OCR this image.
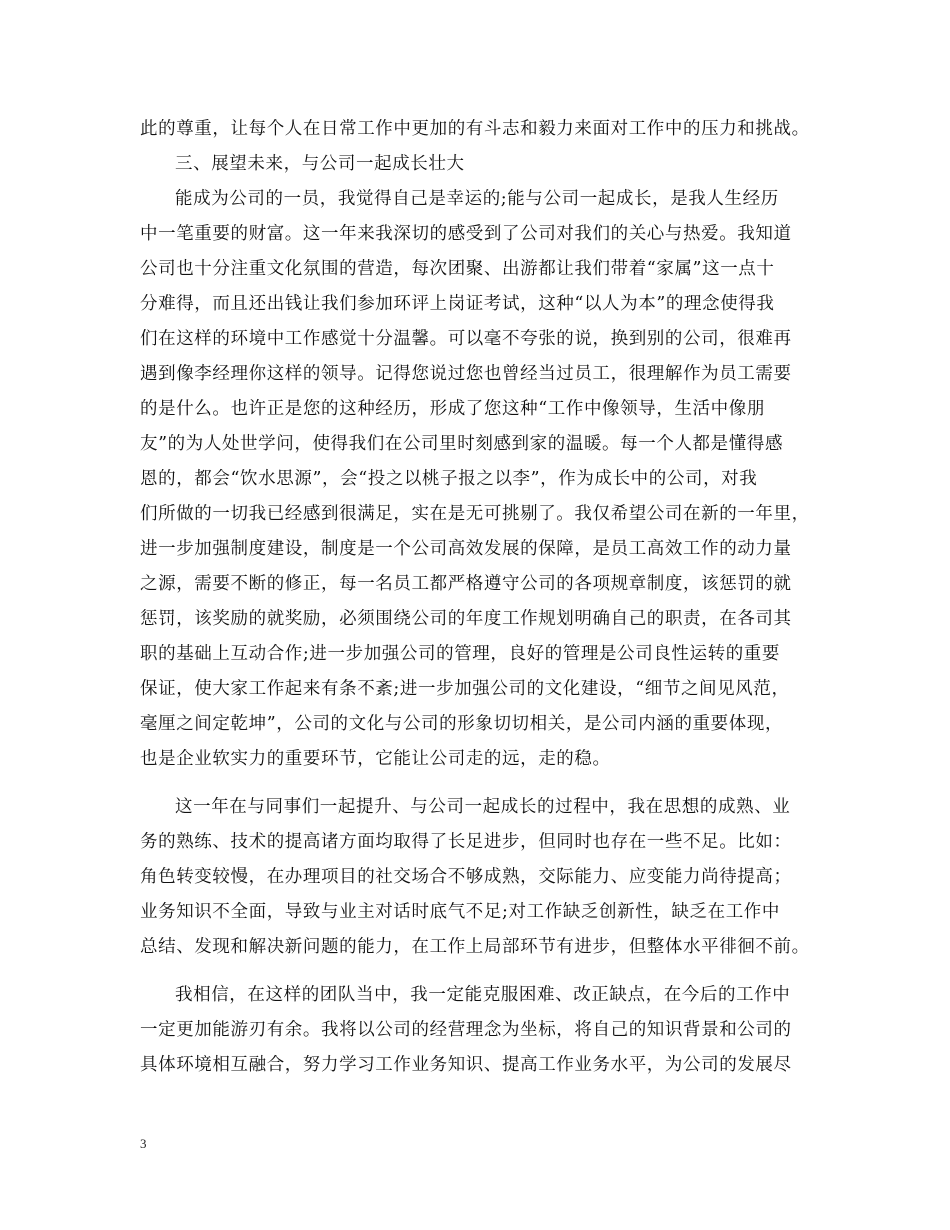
此的尊重，让每个人在日常工作中更加的有斗志和毅力来面对工作中的压力和挑战。
三、展望未来，与公司一起成长壮大
能成为公司的一员，我觉得自己是幸运的;能与公司一起成长，是我人生经历
中一笔重要的财富。这一年来我深切的感受到了公司对我们的关心与热爱。我知道
公司也十分注重文化氛围的营造，每次团聚、出游都让我们带着“家属”这一点十
分难得，而且还出钱让我们参加环评上岗证考试，这种“以人为本”的理念使得我
们在这样的环境中工作感觉十分温馨。可以毫不夸张的说，换到别的公司，很难再
遇到像李经理你这样的领导。记得您说过您也曾经当过员工，很理解作为员工需要
的是什么。也许正是您的这种经历，形成了您这种“工作中像领导，生活中像朋
友”的为人处世学问，使得我们在公司里时刻感到家的温暖。每一个人都是懂得感
恩的，都会“饮水思源”，会“投之以桃子报之以李”，作为成长中的公司，对我
们所做的一切我已经感到很满足，实在是无可挑剔了。我仅希望公司在新的一年里，
进一步加强制度建设，制度是一个公司高效发展的保障，是员工高效工作的动力量
之源，需要不断的修正，每一名员工都严格遵守公司的各项规章制度，该惩罚的就
惩罚，该奖励的就奖励，必须围绕公司的年度工作规划明确自己的职责，在各司其
职的基础上互动合作;进一步加强公司的管理，良好的管理是公司良性运转的重要
保证，使大家工作起来有条不紊;进一步加强公司的文化建设，“细节之间见风范，
毫厘之间定乾坤”，公司的文化与公司的形象切切相关，是公司内涵的重要体现，
也是企业软实力的重要环节，它能让公司走的远，走的稳。
这一年在与同事们一起提升、与公司一起成长的过程中，我在思想的成熟、业
务的熟练、技术的提高诸方面均取得了长足进步，但同时也存在一些不足。比如：
角色转变较慢，在办理项目的社交场合不够成熟，交际能力、应变能力尚待提高；
业务知识不全面，导致与业主对话时底气不足;对工作缺乏创新性，缺乏在工作中
总结、发现和解决新问题的能力，在工作上局部环节有进步，但整体水平徘徊不前。
我相信，在这样的团队当中，我一定能克服困难、改正缺点，在今后的工作中
一定更加能游刃有余。我将以公司的经营理念为坐标，将自己的知识背景和公司的
具体环境相互融合，努力学习工作业务知识、提高工作业务水平，为公司的发展尽
3
